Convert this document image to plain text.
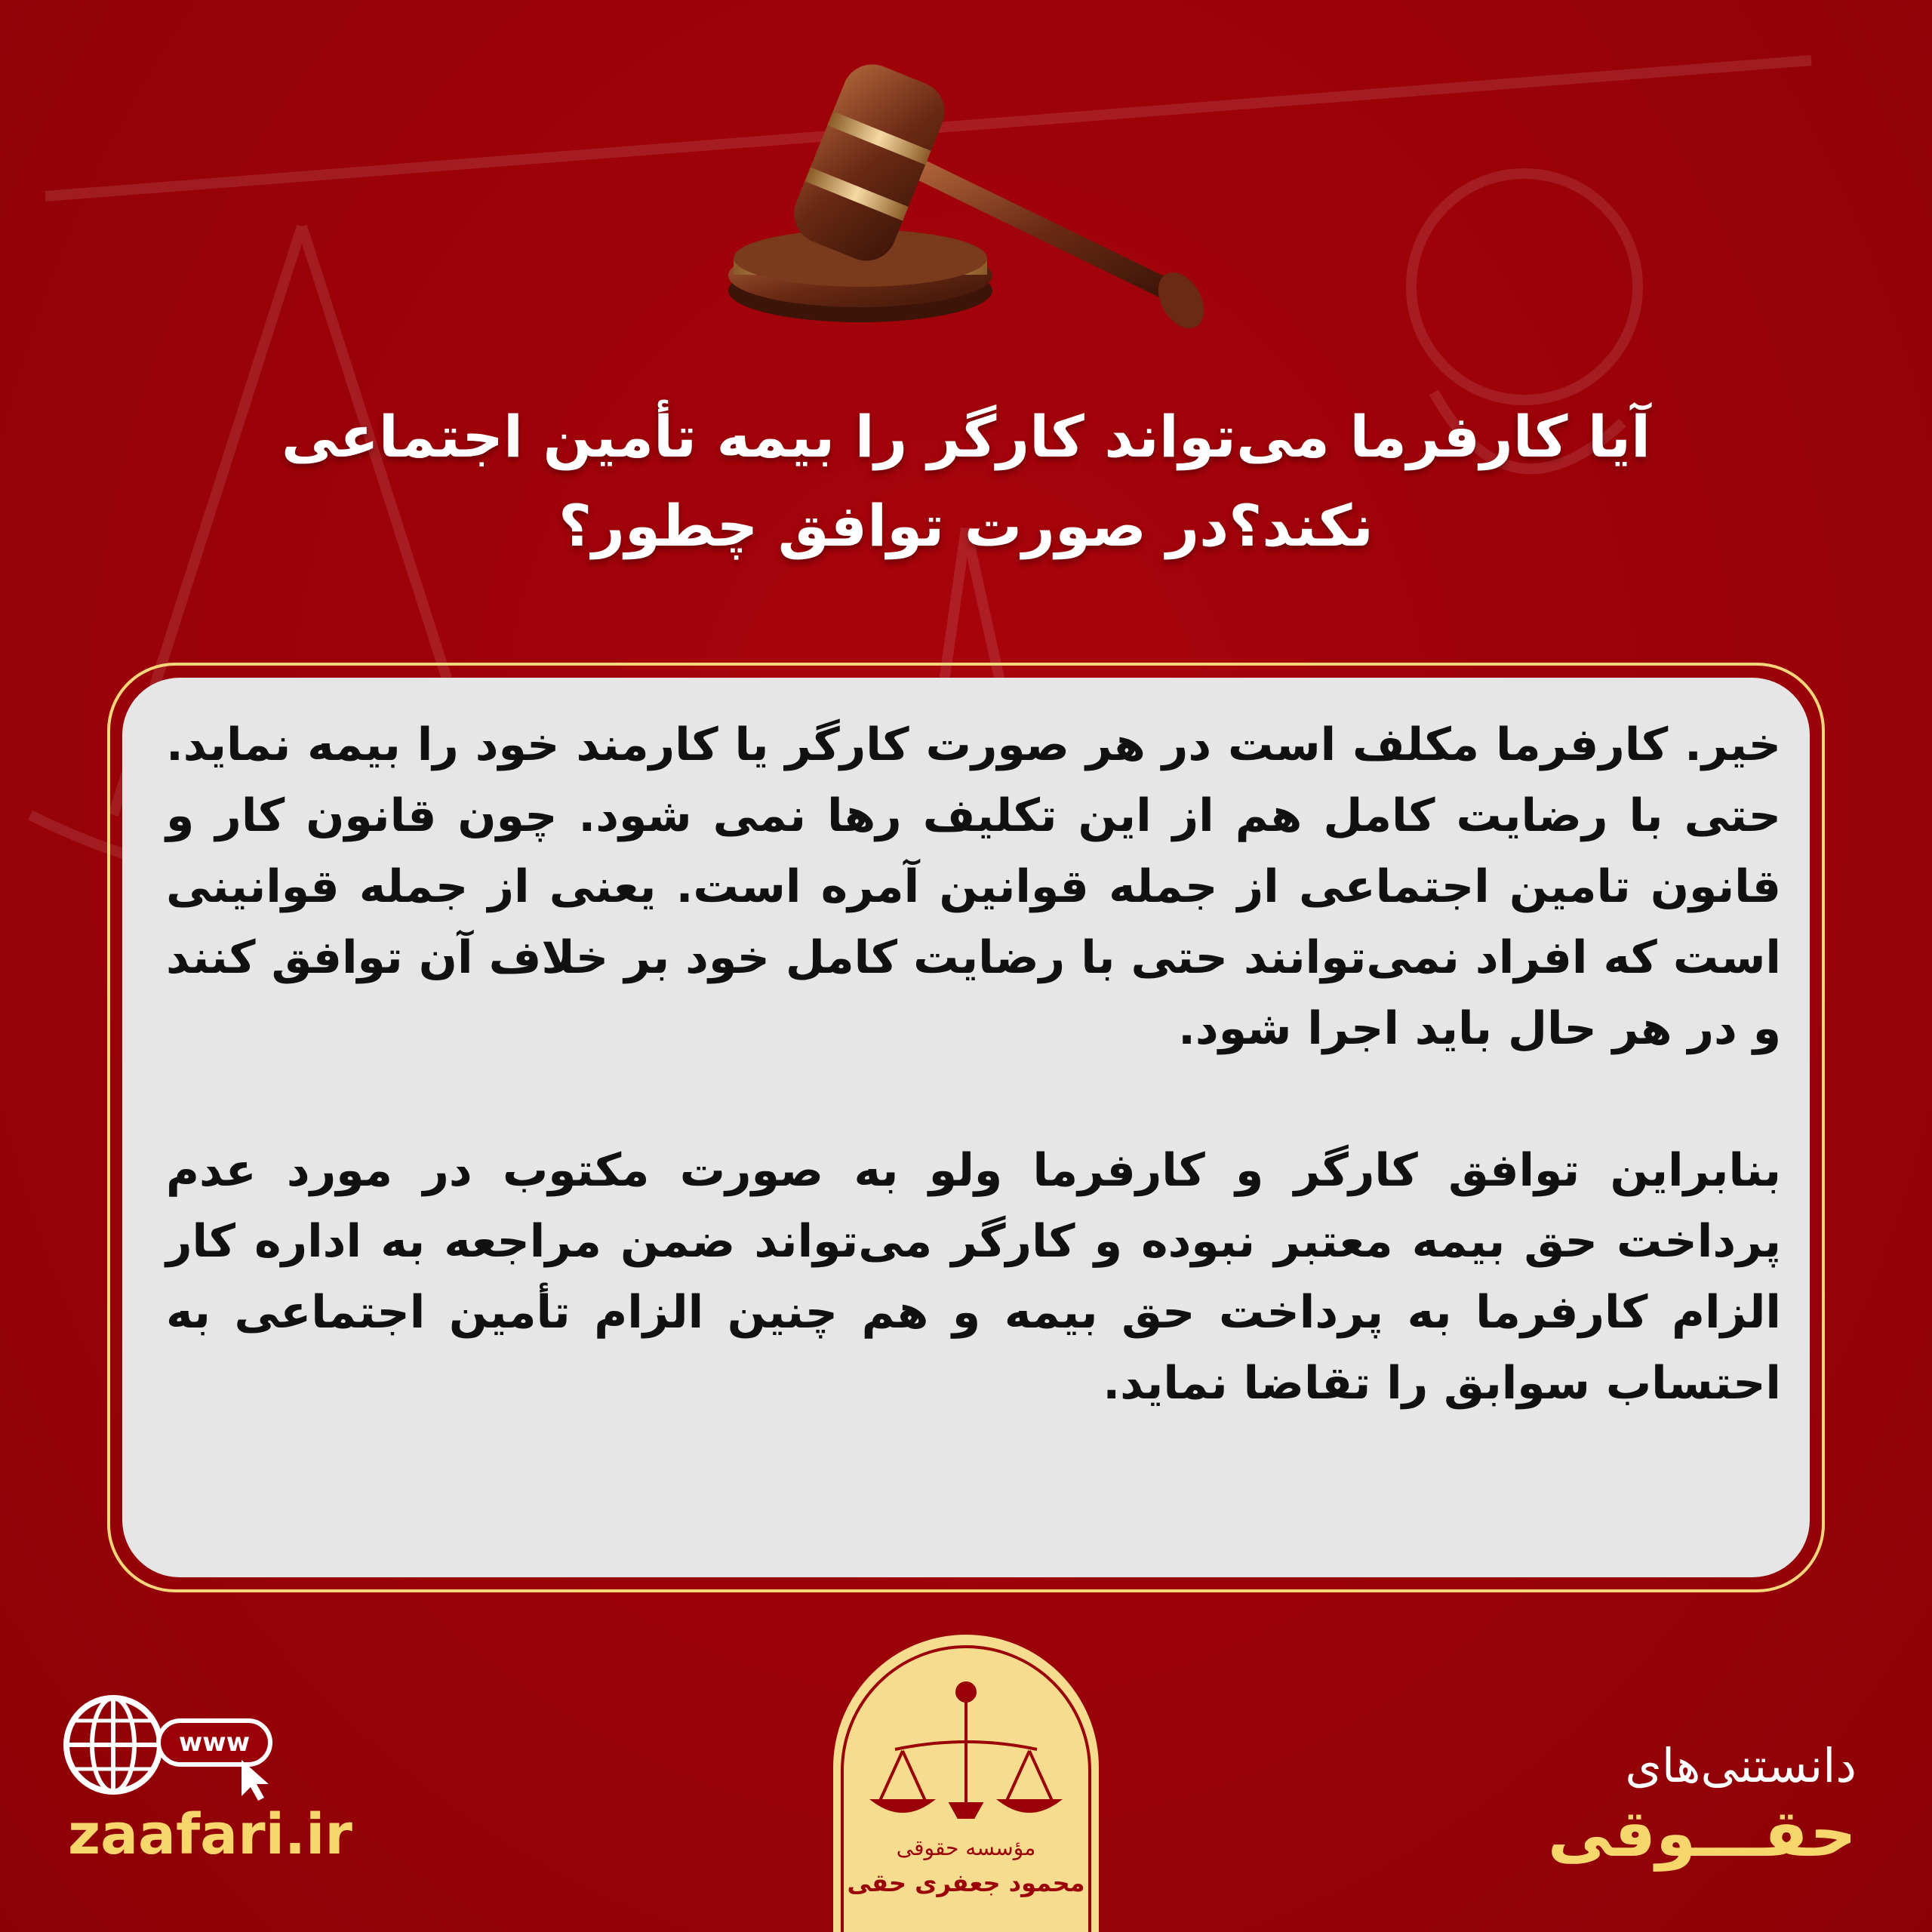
آیا کارفرما می‌تواند کارگر را بیمه تأمین اجتماعی
نکند؟در صورت توافق چطور؟

خیر. کارفرما مکلف است در هر صورت کارگر یا کارمند خود را بیمه نماید. حتی با رضایت کامل هم از این تکلیف رها نمی شود. چون قانون کار و قانون تامین اجتماعی از جمله قوانین آمره است. یعنی از جمله قوانینی است که افراد نمی‌توانند حتی با رضایت کامل خود بر خلاف آن توافق کنند و در هر حال باید اجرا شود.

بنابراین توافق کارگر و کارفرما ولو به صورت مکتوب در مورد عدم پرداخت حق بیمه معتبر نبوده و کارگر می‌تواند ضمن مراجعه به اداره کار الزام کارفرما به پرداخت حق بیمه و هم چنین الزام تأمین اجتماعی به احتساب سوابق را تقاضا نماید.

www
zaafari.ir	مؤسسه حقوقی
محمود جعفری حقی
دانستنی‌های
حقـــوقی
